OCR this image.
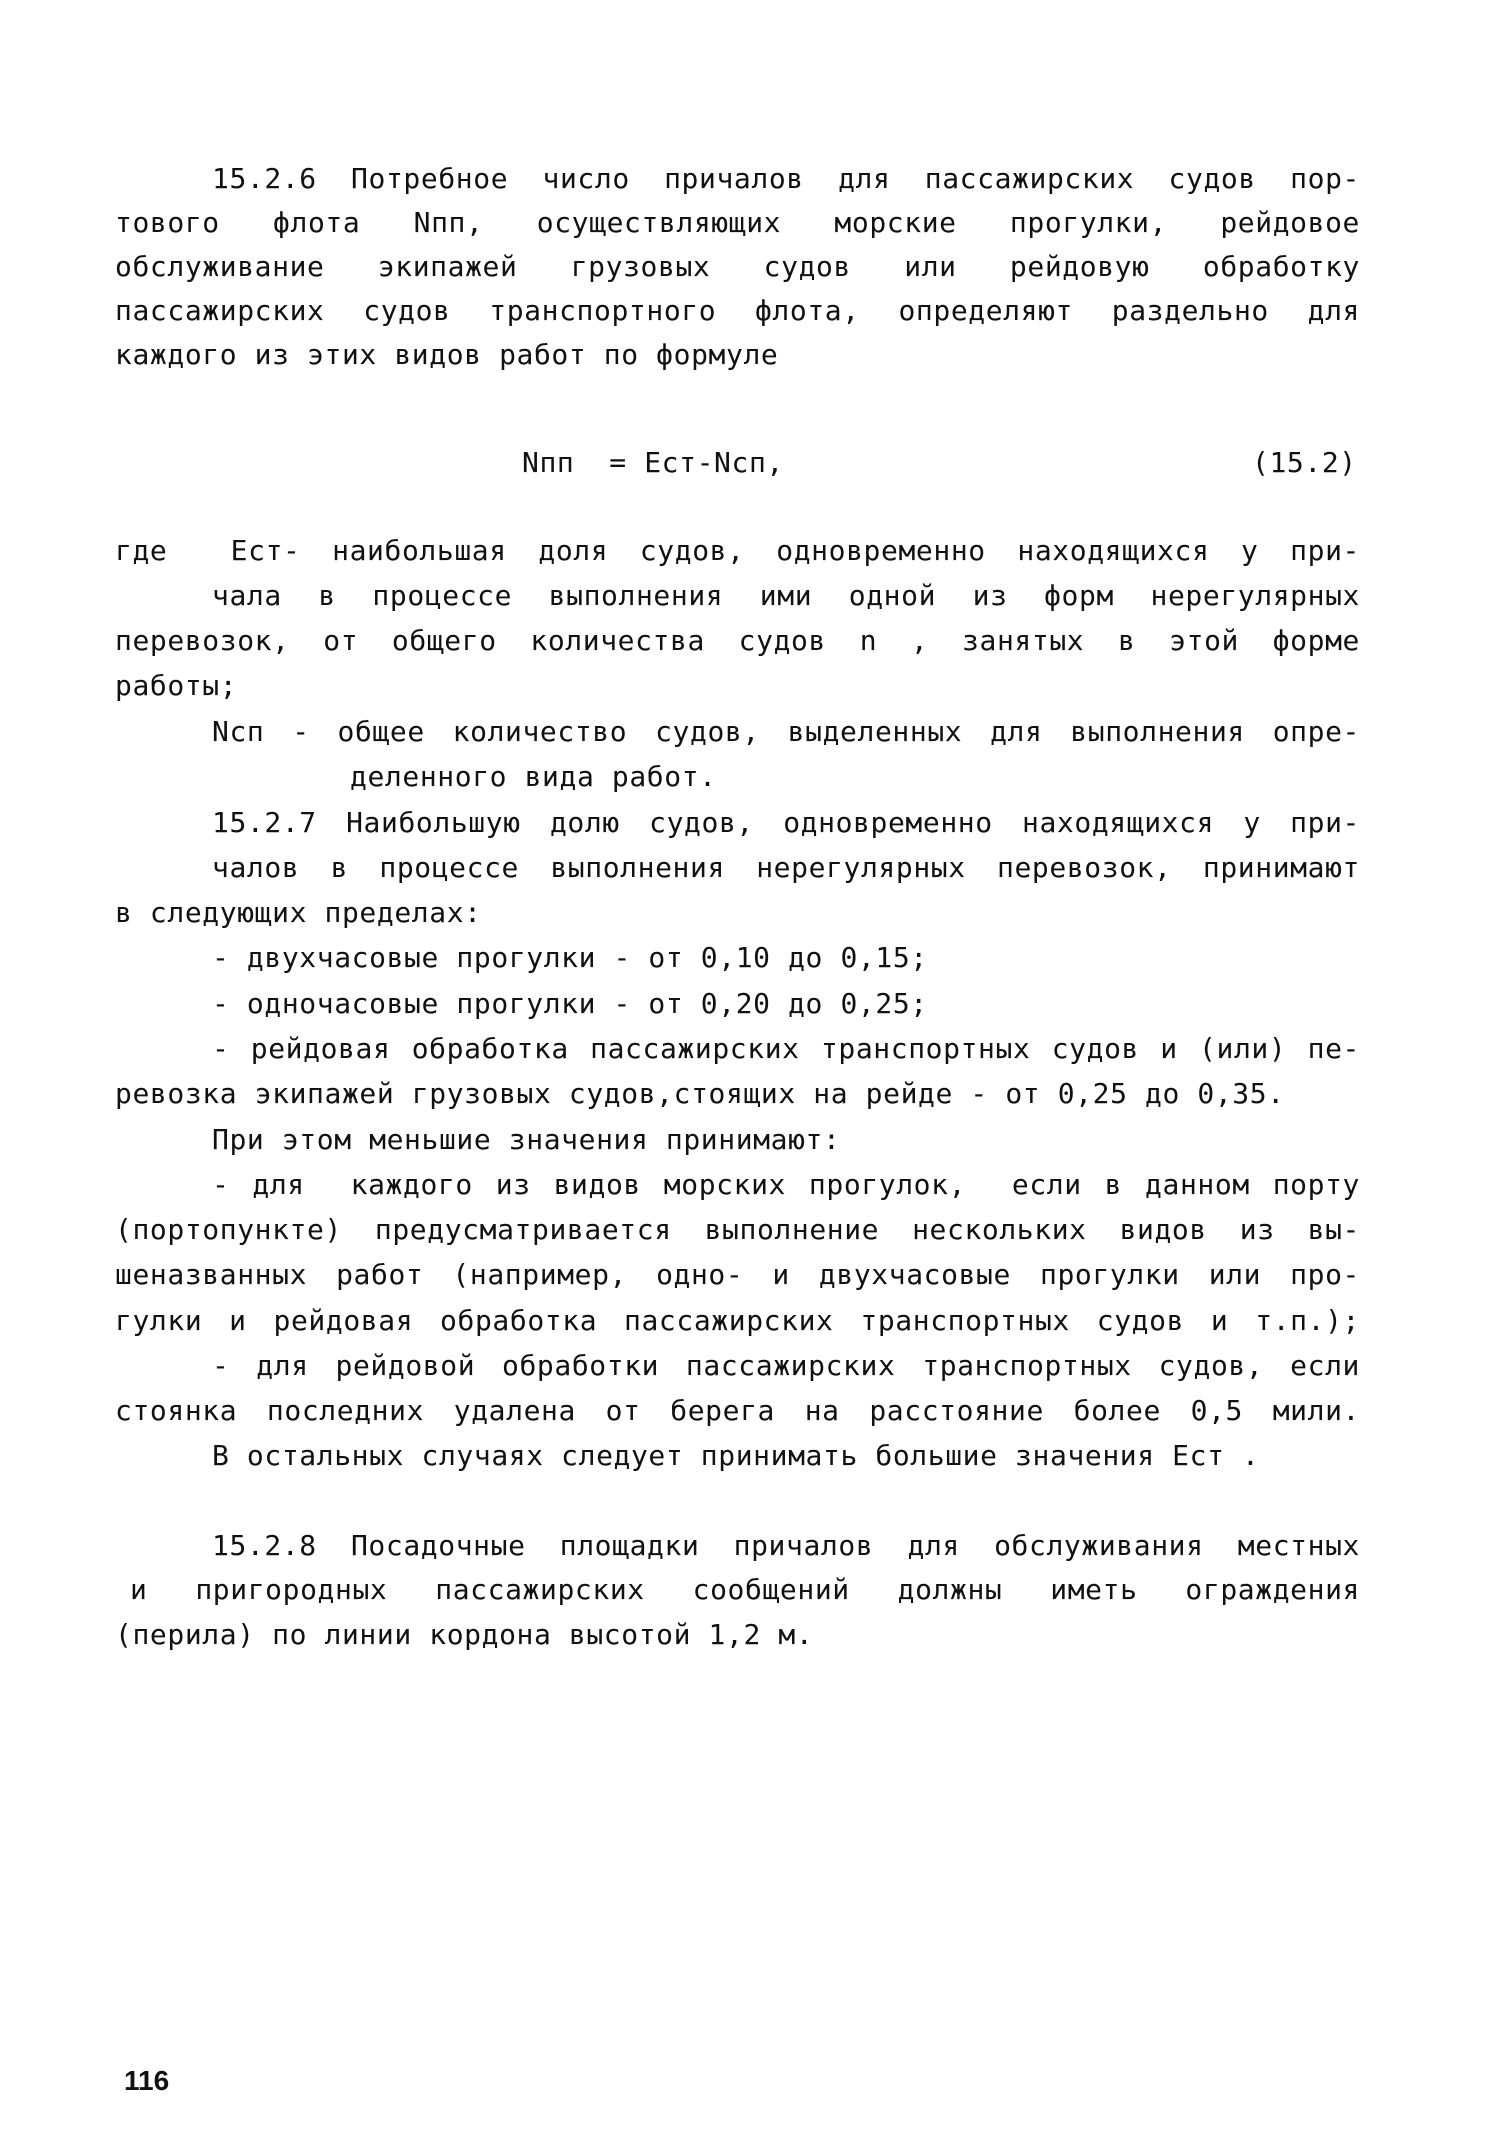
15.2.6 Потребное число причалов для пассажирских судов пор-
тового флота Nпп, осуществляющих морские прогулки, рейдовое
обслуживание экипажей грузовых судов или рейдовую обработку
пассажирских судов транспортного флота, определяют раздельно для
каждого из этих видов работ по формуле
Nпп  = Ест-Nсп,	(15.2)
где  Ест- наибольшая доля судов, одновременно находящихся у при-
чала в процессе выполнения ими одной из форм нерегулярных
перевозок, от общего количества судов n , занятых в этой форме
работы;
Nсп - общее количество судов, выделенных для выполнения опре-
деленного вида работ.
15.2.7 Наибольшую долю судов, одновременно находящихся у при-
чалов в процессе выполнения нерегулярных перевозок, принимают
в следующих пределах:
- двухчасовые прогулки - от 0,10 до 0,15;
- одночасовые прогулки - от 0,20 до 0,25;
- рейдовая обработка пассажирских транспортных судов и (или) пе-
ревозка экипажей грузовых судов,стоящих на рейде - от 0,25 до 0,35.
При этом меньшие значения принимают:
- для  каждого из видов морских прогулок,  если в данном порту
(портопункте) предусматривается выполнение нескольких видов из вы-
шеназванных работ (например, одно- и двухчасовые прогулки или про-
гулки и рейдовая обработка пассажирских транспортных судов и т.п.);
- для рейдовой обработки пассажирских транспортных судов, если
стоянка последних удалена от берега на расстояние более 0,5 мили.
В остальных случаях следует принимать большие значения Ест .
15.2.8 Посадочные площадки причалов для обслуживания местных
и пригородных пассажирских сообщений должны иметь ограждения
(перила) по линии кордона высотой 1,2 м.
116
